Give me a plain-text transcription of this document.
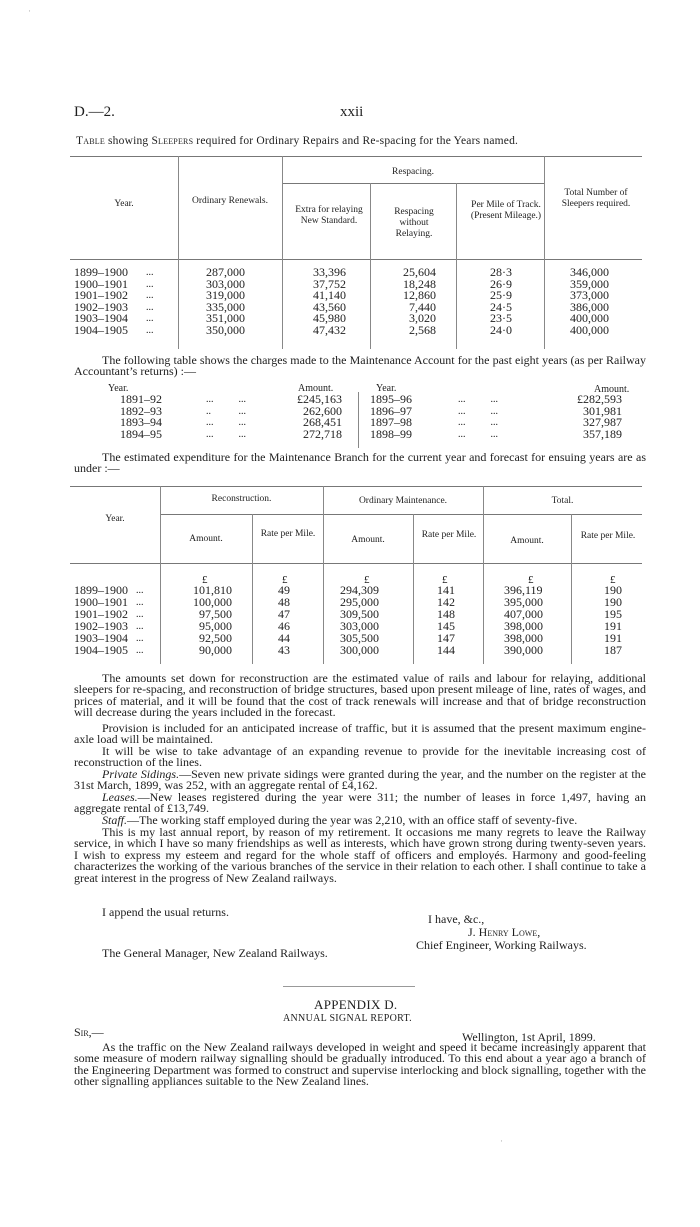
D.—2.	xxii
Table showing Sleepers required for Ordinary Repairs and Re-spacing for the Years named.
Year.	Ordinary Renewals.
Respacing.
Extra for relaying New Standard.
Respacing without Relaying.
Per Mile of Track. (Present Mileage.)
Total Number of Sleepers required.
1899–1900 ...	287,000	33,396	25,604	28·3	346,000
1900–1901 ...	303,000	37,752	18,248	26·9	359,000
1901–1902 ...	319,000	41,140	12,860	25·9	373,000
1902–1903 ...	335,000	43,560	7,440	24·5	386,000
1903–1904 ...	351,000	45,980	3,020	23·5	400,000
1904–1905 ...	350,000	47,432	2,568	24·0	400,000
The following table shows the charges made to the Maintenance Account for the past eight years (as per Railway Accountant’s returns) :—
Year.	Amount.	Year.	Amount.
1891–92	...          ...	£245,163
1892–93	..           ...	262,600
1893–94	...          ...	268,451
1894–95	...          ...	272,718
1895–96	...          ...	£282,593
1896–97	...          ...	301,981
1897–98	...          ...	327,987
1898–99	...          ...	357,189
The estimated expenditure for the Maintenance Branch for the current year and forecast for ensuing years are as under :—
Year.
Reconstruction.	Ordinary Maintenance.	Total.
Amount.	Rate per Mile.
Amount.	Rate per Mile.
Amount.	Rate per Mile.
£	£	£	£	£	£
1899–1900 ...	101,810	49	294,309	141	396,119	190
1900–1901 ...	100,000	48	295,000	142	395,000	190
1901–1902 ...	97,500	47	309,500	148	407,000	195
1902–1903 ...	95,000	46	303,000	145	398,000	191
1903–1904 ...	92,500	44	305,500	147	398,000	191
1904–1905 ...	90,000	43	300,000	144	390,000	187

The amounts set down for reconstruction are the estimated value of rails and labour for relaying, additional sleepers for re-spacing, and reconstruction of bridge structures, based upon present mileage of line, rates of wages, and prices of material, and it will be found that the cost of track renewals will increase and that of bridge reconstruction will decrease during the years included in the forecast.

Provision is included for an anticipated increase of traffic, but it is assumed that the present maximum engine-axle load will be maintained.
It will be wise to take advantage of an expanding revenue to provide for the inevitable increasing cost of reconstruction of the lines.
Private Sidings.—Seven new private sidings were granted during the year, and the number on the register at the 31st March, 1899, was 252, with an aggregate rental of £4,162.
Leases.—New leases registered during the year were 311; the number of leases in force 1,497, having an aggregate rental of £13,749.
Staff.—The working staff employed during the year was 2,210, with an office staff of seventy-five.
This is my last annual report, by reason of my retirement. It occasions me many regrets to leave the Railway service, in which I have so many friendships as well as interests, which have grown strong during twenty-seven years. I wish to express my esteem and regard for the whole staff of officers and employés. Harmony and good-feeling characterizes the working of the various branches of the service in their relation to each other. I shall continue to take a great interest in the progress of New Zealand railways.
I append the usual returns.	I have, &c.,
J. Henry Lowe,
Chief Engineer, Working Railways.
The General Manager, New Zealand Railways.
APPENDIX D.
ANNUAL SIGNAL REPORT.
Sir,—	Wellington, 1st April, 1899.
As the traffic on the New Zealand railways developed in weight and speed it became increasingly apparent that some measure of modern railway signalling should be gradually introduced. To this end about a year ago a branch of the Engineering Department was formed to construct and supervise interlocking and block signalling, together with the other signalling appliances suitable to the New Zealand lines.
·
·
